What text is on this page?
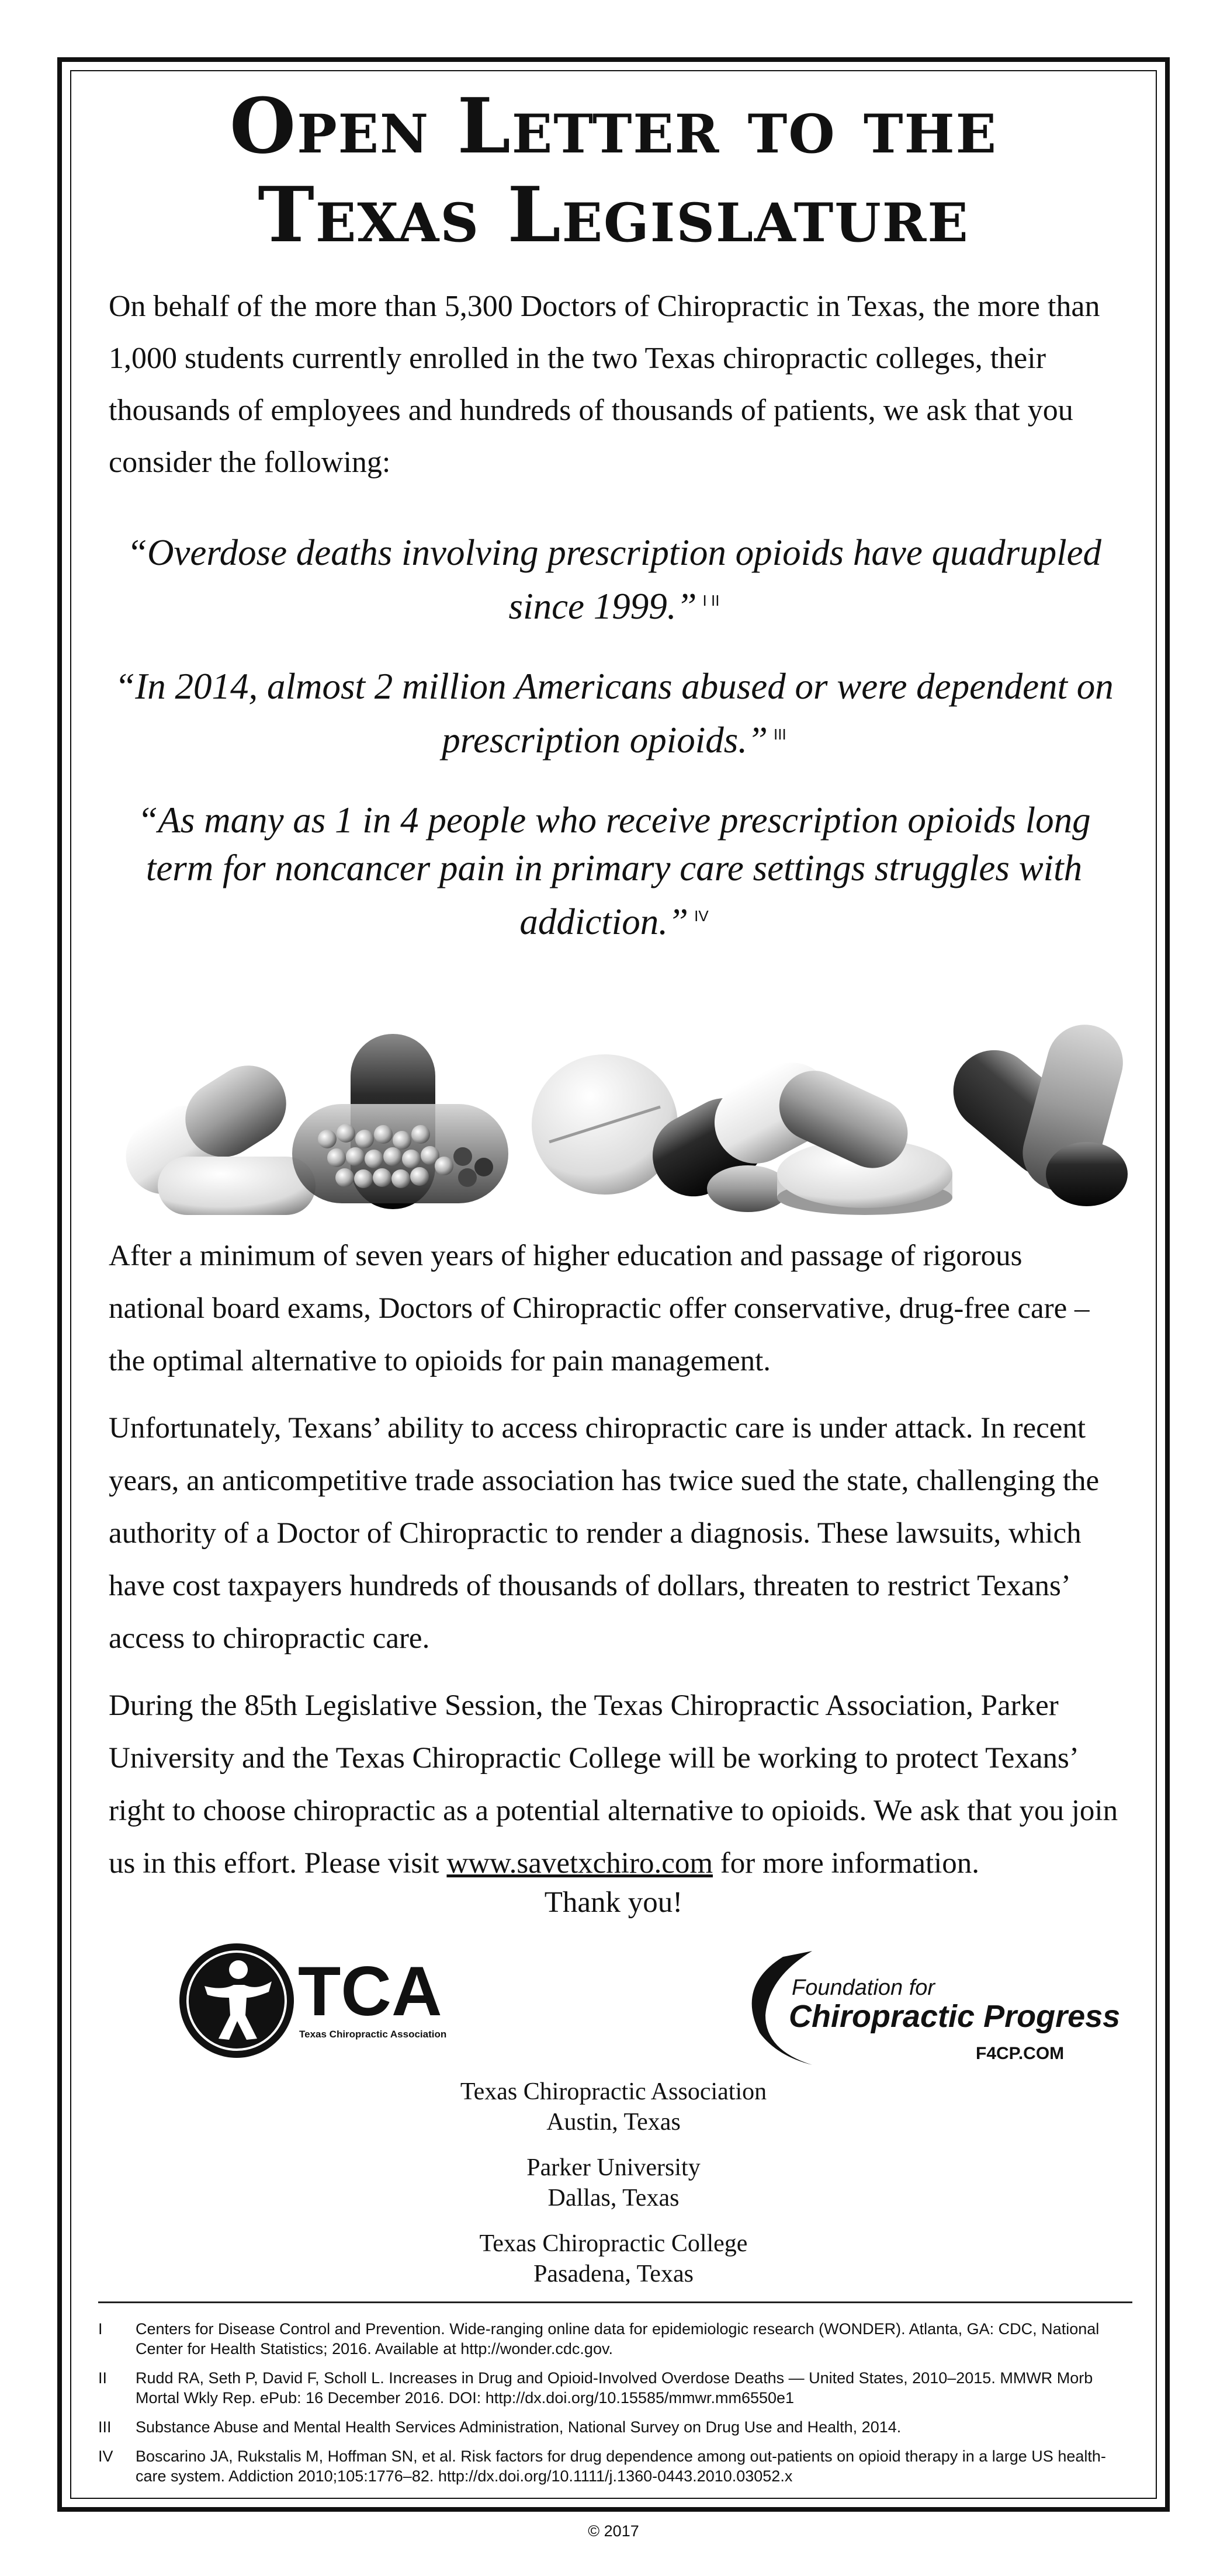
Open Letter to the
Texas Legislature

On behalf of the more than 5,300 Doctors of Chiropractic in Texas, the more than 1,000 students currently enrolled in the two Texas chiropractic colleges, their thousands of employees and hundreds of thousands of patients, we ask that you consider the following:

“Overdose deaths involving prescription opioids have quadrupled since 1999.” $^{I II}$

“In 2014, almost 2 million Americans abused or were dependent on prescription opioids.” $^{III}$

“As many as 1 in 4 people who receive prescription opioids long term for noncancer pain in primary care settings struggles with addiction.” $^{IV}$

After a minimum of seven years of higher education and passage of rigorous national board exams, Doctors of Chiropractic offer conservative, drug-free care – the optimal alternative to opioids for pain management.

Unfortunately, Texans’ ability to access chiropractic care is under attack. In recent years, an anticompetitive trade association has twice sued the state, challenging the authority of a Doctor of Chiropractic to render a diagnosis. These lawsuits, which have cost taxpayers hundreds of thousands of dollars, threaten to restrict Texans’ access to chiropractic care.

During the 85th Legislative Session, the Texas Chiropractic Association, Parker University and the Texas Chiropractic College will be working to protect Texans’ right to choose chiropractic as a potential alternative to opioids. We ask that you join us in this effort. Please visit www.savetxchiro.com for more information.

Thank you!

TCA
Texas Chiropractic Association
Foundation for
Chiropractic Progress
F4CP.COM
Texas Chiropractic Association
Austin, Texas
Parker University
Dallas, Texas
Texas Chiropractic College
Pasadena, Texas
I	Centers for Disease Control and Prevention. Wide-ranging online data for epidemiologic research (WONDER). Atlanta, GA: CDC, National Center for Health Statistics; 2016. Available at http://wonder.cdc.gov.
II	Rudd RA, Seth P, David F, Scholl L. Increases in Drug and Opioid-Involved Overdose Deaths — United States, 2010–2015. MMWR Morb Mortal Wkly Rep. ePub: 16 December 2016. DOI: http://dx.doi.org/10.15585/mmwr.mm6550e1
III	Substance Abuse and Mental Health Services Administration, National Survey on Drug Use and Health, 2014.
IV	Boscarino JA, Rukstalis M, Hoffman SN, et al. Risk factors for drug dependence among out-patients on opioid therapy in a large US health-care system. Addiction 2010;105:1776–82. http://dx.doi.org/10.1111/j.1360-0443.2010.03052.x

© 2017
